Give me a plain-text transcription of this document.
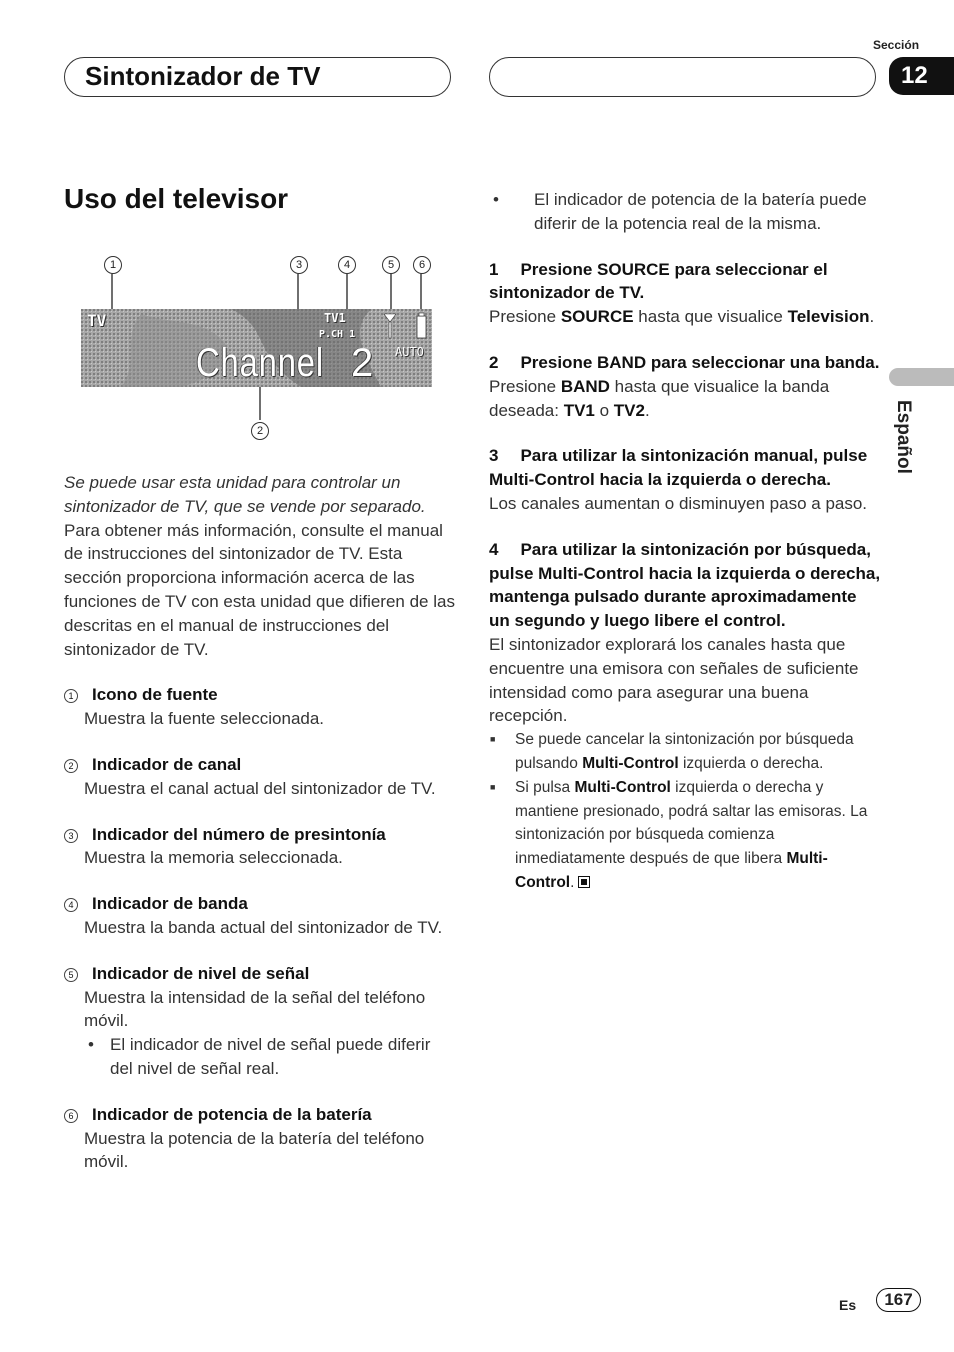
Sintonizador de TV
Sección
12
Español
Uso del televisor
1	3	4	5	6
2
TV	TV1
P.CH 1
AUTO
Channel 2

Se puede usar esta unidad para controlar un sintonizador de TV, que se vende por separado.

Para obtener más información, consulte el manual de instrucciones del sintonizador de TV. Esta sección proporciona información acerca de las funciones de TV con esta unidad que difieren de las descritas en el manual de instrucciones del sintonizador de TV.

1 Icono de fuente
Muestra la fuente seleccionada.
2 Indicador de canal
Muestra el canal actual del sintonizador de TV.
3 Indicador del número de presintonía
Muestra la memoria seleccionada.
4 Indicador de banda
Muestra la banda actual del sintonizador de TV.
5 Indicador de nivel de señal
Muestra la intensidad de la señal del teléfono móvil.
• El indicador de nivel de señal puede diferir del nivel de señal real.
6 Indicador de potencia de la batería
Muestra la potencia de la batería del teléfono móvil.
• El indicador de potencia de la batería puede diferir de la potencia real de la misma.
1 Presione SOURCE para seleccionar el sintonizador de TV.
Presione SOURCE hasta que visualice Television.
2 Presione BAND para seleccionar una banda.
Presione BAND hasta que visualice la banda deseada: TV1 o TV2.
3 Para utilizar la sintonización manual, pulse Multi-Control hacia la izquierda o derecha.
Los canales aumentan o disminuyen paso a paso.
4 Para utilizar la sintonización por búsqueda, pulse Multi-Control hacia la izquierda o derecha, mantenga pulsado durante aproximadamente un segundo y luego libere el control.
El sintonizador explorará los canales hasta que encuentre una emisora con señales de suficiente intensidad como para asegurar una buena recepción.
■ Se puede cancelar la sintonización por búsqueda pulsando Multi-Control izquierda o derecha.
■ Si pulsa Multi-Control izquierda o derecha y mantiene presionado, podrá saltar las emisoras. La sintonización por búsqueda comienza inmediatamente después de que libera Multi-Control.
Es	167
